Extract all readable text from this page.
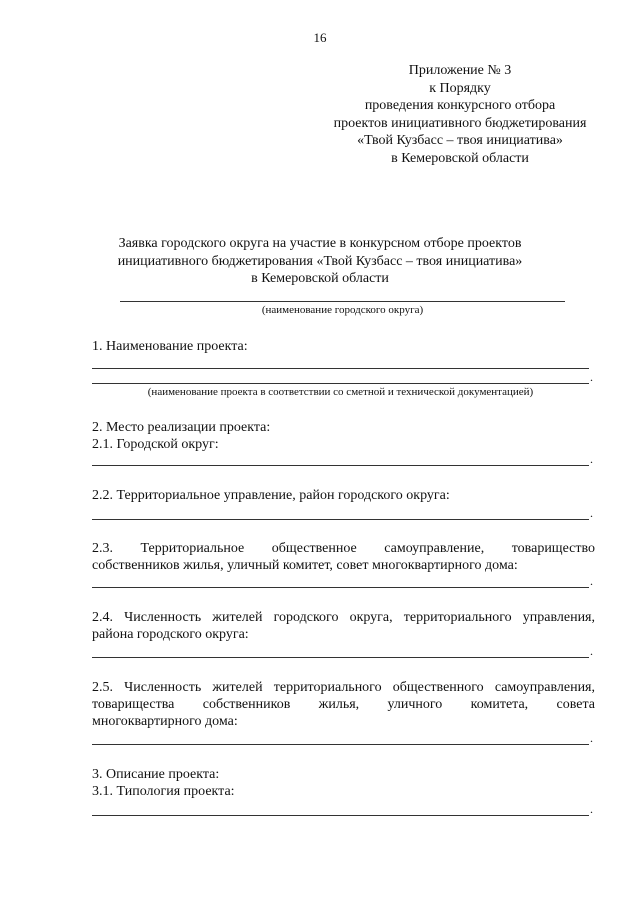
16
Приложение № 3
к Порядку
проведения конкурсного отбора
проектов инициативного бюджетирования
«Твой Кузбасс – твоя инициатива»
в Кемеровской области
Заявка городского округа на участие в конкурсном отборе проектов
инициативного бюджетирования «Твой Кузбасс – твоя инициатива»
в Кемеровской области
(наименование городского округа)
1. Наименование проекта:
.
(наименование проекта в соответствии со сметной и технической документацией)
2. Место реализации проекта:
2.1. Городской округ:
.
2.2. Территориальное управление, район городского округа:
.
2.3. Территориальное общественное самоуправление, товарищество
собственников жилья, уличный комитет, совет многоквартирного дома:
.
2.4. Численность жителей городского округа, территориального управления,
района городского округа:
.
2.5. Численность жителей территориального общественного самоуправления,
товарищества собственников жилья, уличного комитета, совета
многоквартирного дома:
.
3. Описание проекта:
3.1. Типология проекта:
.
